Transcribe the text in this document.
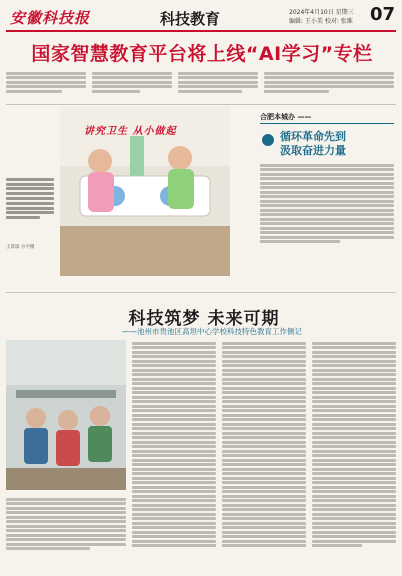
安徽科技报	科技教育	2024年4月10日 星期三
编辑: 王小美 校对: 张维 07
国家智慧教育平台将上线“AI学习”专栏
讲究卫生 从小做起
王景琼 方宇摄
合肥本城办 ——
循环革命先到
汲取奋进力量
科技筑梦 未来可期
——池州市贵池区高坦中心学校科技特色教育工作侧记
